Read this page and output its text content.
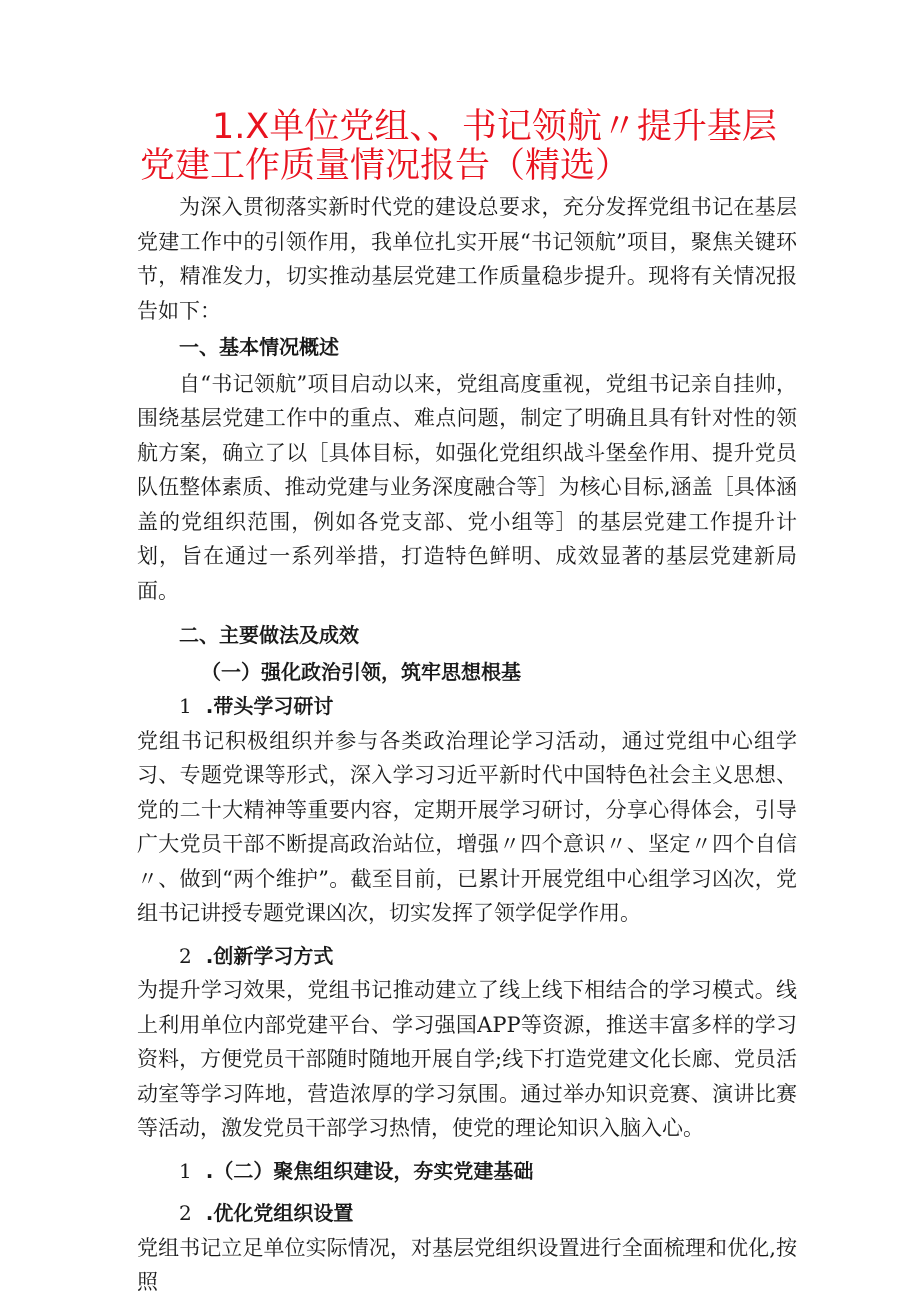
1.X单位党组、、书记领航〃提升基层
党建工作质量情况报告（精选）

为深入贯彻落实新时代党的建设总要求，充分发挥党组书记在基层党建工作中的引领作用，我单位扎实开展“书记领航”项目，聚焦关键环节，精准发力，切实推动基层党建工作质量稳步提升。现将有关情况报告如下：

一、基本情况概述

自“书记领航”项目启动以来，党组高度重视，党组书记亲自挂帅，围绕基层党建工作中的重点、难点问题，制定了明确且具有针对性的领航方案，确立了以［具体目标，如强化党组织战斗堡垒作用、提升党员队伍整体素质、推动党建与业务深度融合等］为核心目标,涵盖［具体涵盖的党组织范围，例如各党支部、党小组等］的基层党建工作提升计划，旨在通过一系列举措，打造特色鲜明、成效显著的基层党建新局面。

二、主要做法及成效

（一）强化政治引领，筑牢思想根基

1 .带头学习研讨

党组书记积极组织并参与各类政治理论学习活动，通过党组中心组学习、专题党课等形式，深入学习习近平新时代中国特色社会主义思想、党的二十大精神等重要内容，定期开展学习研讨，分享心得体会，引导广大党员干部不断提高政治站位，增强〃四个意识〃、坚定〃四个自信〃、做到“两个维护”。截至目前，已累计开展党组中心组学习凶次，党组书记讲授专题党课凶次，切实发挥了领学促学作用。

2 .创新学习方式

为提升学习效果，党组书记推动建立了线上线下相结合的学习模式。线上利用单位内部党建平台、学习强国APP等资源，推送丰富多样的学习资料，方便党员干部随时随地开展自学;线下打造党建文化长廊、党员活动室等学习阵地，营造浓厚的学习氛围。通过举办知识竞赛、演讲比赛等活动，激发党员干部学习热情，使党的理论知识入脑入心。

1 .（二）聚焦组织建设，夯实党建基础

2 .优化党组织设置

党组书记立足单位实际情况，对基层党组织设置进行全面梳理和优化,按照
